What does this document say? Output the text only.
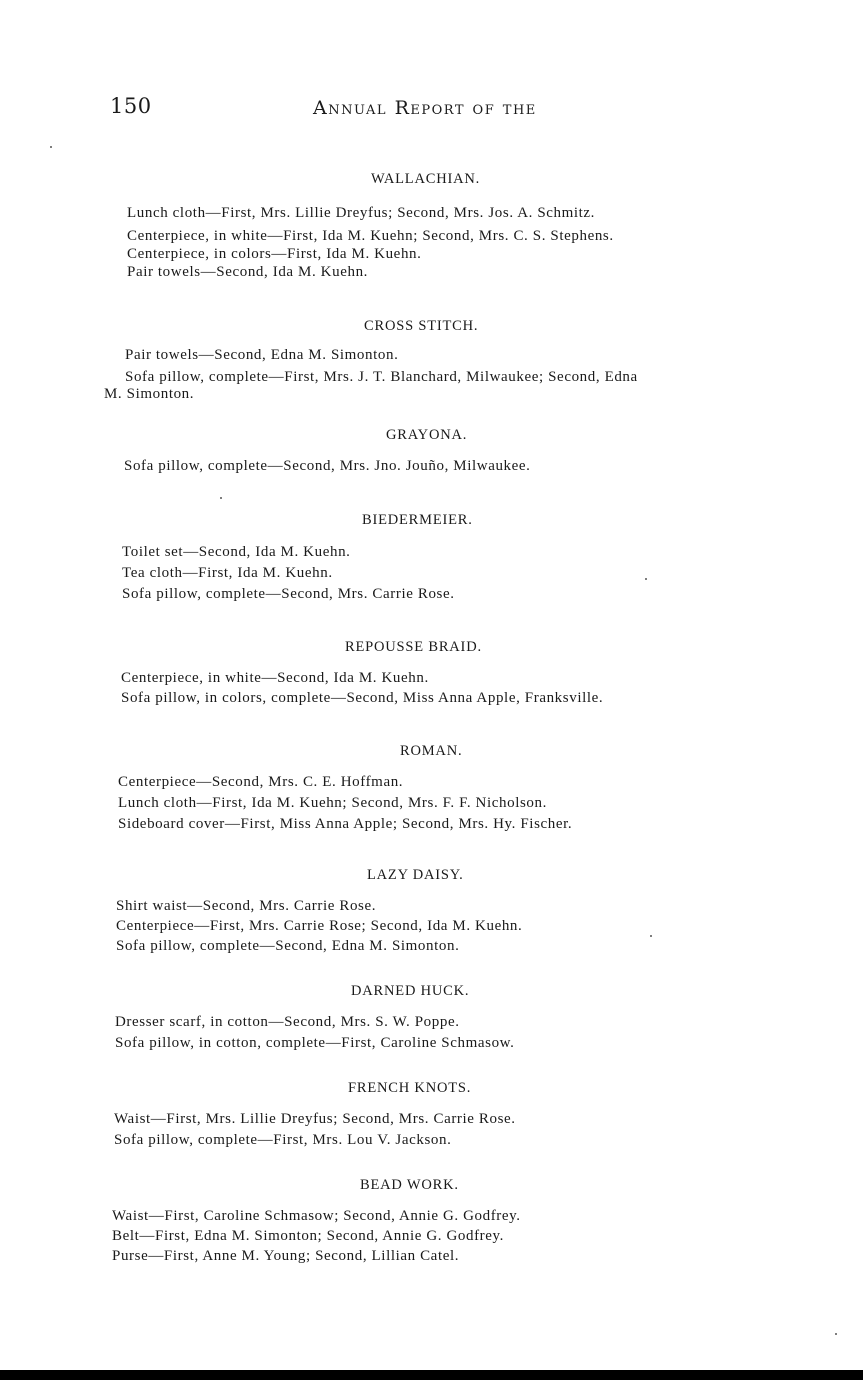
150	Annual Report of the
WALLACHIAN.
Lunch cloth—First, Mrs. Lillie Dreyfus; Second, Mrs. Jos. A. Schmitz.
Centerpiece, in white—First, Ida M. Kuehn; Second, Mrs. C. S. Stephens.
Centerpiece, in colors—First, Ida M. Kuehn.
Pair towels—Second, Ida M. Kuehn.
CROSS STITCH.
Pair towels—Second, Edna M. Simonton.
Sofa pillow, complete—First, Mrs. J. T. Blanchard, Milwaukee; Second, Edna
M. Simonton.
GRAYONA.
Sofa pillow, complete—Second, Mrs. Jno. Jouño, Milwaukee.
BIEDERMEIER.
Toilet set—Second, Ida M. Kuehn.
Tea cloth—First, Ida M. Kuehn.
Sofa pillow, complete—Second, Mrs. Carrie Rose.
REPOUSSE BRAID.
Centerpiece, in white—Second, Ida M. Kuehn.
Sofa pillow, in colors, complete—Second, Miss Anna Apple, Franksville.
ROMAN.
Centerpiece—Second, Mrs. C. E. Hoffman.
Lunch cloth—First, Ida M. Kuehn; Second, Mrs. F. F. Nicholson.
Sideboard cover—First, Miss Anna Apple; Second, Mrs. Hy. Fischer.
LAZY DAISY.
Shirt waist—Second, Mrs. Carrie Rose.
Centerpiece—First, Mrs. Carrie Rose; Second, Ida M. Kuehn.
Sofa pillow, complete—Second, Edna M. Simonton.
DARNED HUCK.
Dresser scarf, in cotton—Second, Mrs. S. W. Poppe.
Sofa pillow, in cotton, complete—First, Caroline Schmasow.
FRENCH KNOTS.
Waist—First, Mrs. Lillie Dreyfus; Second, Mrs. Carrie Rose.
Sofa pillow, complete—First, Mrs. Lou V. Jackson.
BEAD WORK.
Waist—First, Caroline Schmasow; Second, Annie G. Godfrey.
Belt—First, Edna M. Simonton; Second, Annie G. Godfrey.
Purse—First, Anne M. Young; Second, Lillian Catel.
